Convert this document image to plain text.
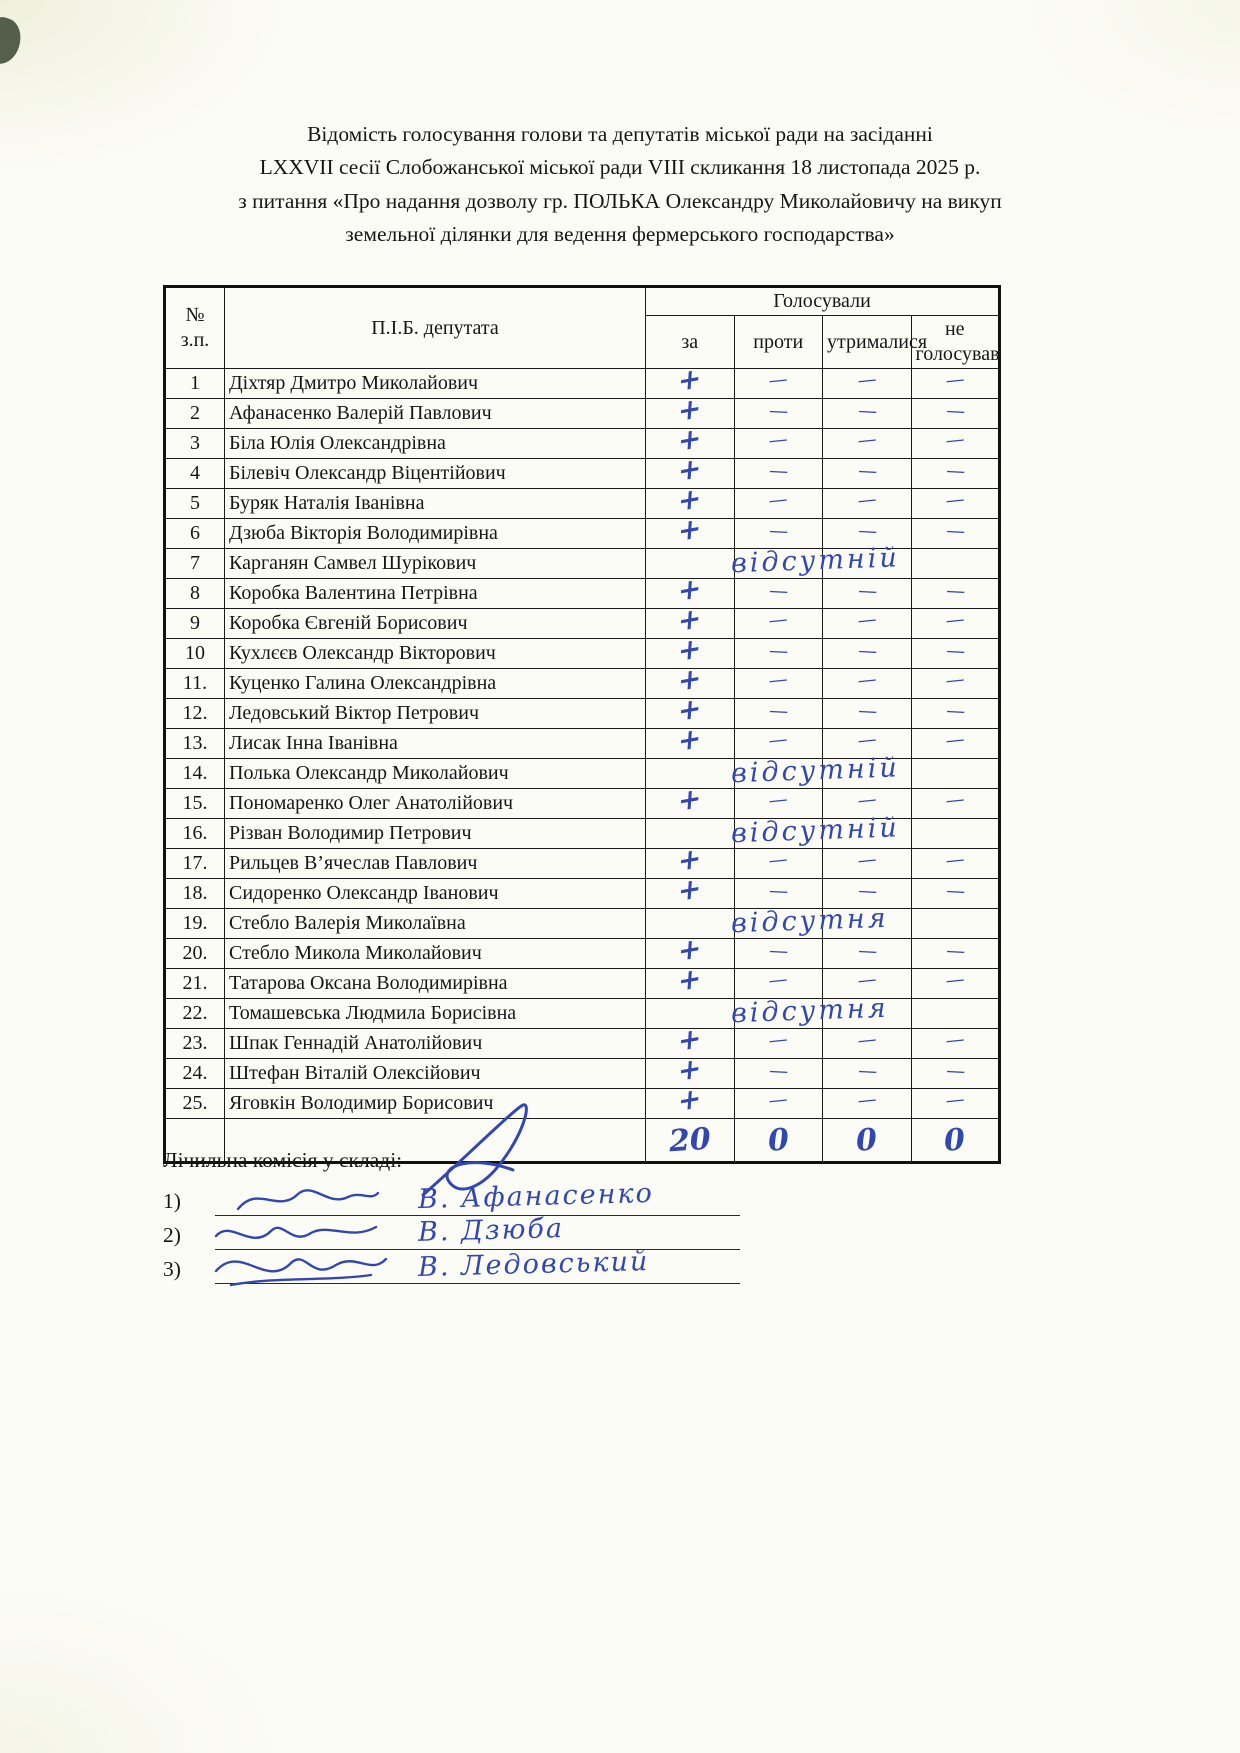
Відомість голосування голови та депутатів міської ради на засіданні
LXXVII сесії Слобожанської міської ради VIII скликання 18 листопада 2025 р.
з питання «Про надання дозволу гр. ПОЛЬКА Олександру Миколайовичу на викуп
земельної ділянки для ведення фермерського господарства»
№ з.п.	П.І.Б. депутата	Голосували			
		за	проти	утрималися	не голосував
1	Діхтяр Дмитро Миколайович	+	—	—	—
2	Афанасенко Валерій Павлович	+	—	—	—
3	Біла Юлія Олександрівна	+	—	—	—
4	Білевіч Олександр Віцентійович	+	—	—	—
5	Буряк Наталія Іванівна	+	—	—	—
6	Дзюба Вікторія Володимирівна	+	—	—	—
7	Карганян Самвел Шурікович		відсутній		

8	Коробка Валентина Петрівна	+	—	—	—
9	Коробка Євгеній Борисович	+	—	—	—
10	Кухлєєв Олександр Вікторович	+	—	—	—
11.	Куценко Галина Олександрівна	+	—	—	—
12.	Ледовський Віктор Петрович	+	—	—	—
13.	Лисак Інна Іванівна	+	—	—	—
14.	Полька Олександр Миколайович		відсутній		

15.	Пономаренко Олег Анатолійович	+	—	—	—
16.	Різван Володимир Петрович		відсутній		

17.	Рильцев В’ячеслав Павлович	+	—	—	—
18.	Сидоренко Олександр Іванович	+	—	—	—
19.	Стебло Валерія Миколаївна		відсутня		

20.	Стебло Микола Миколайович	+	—	—	—
21.	Татарова Оксана Володимирівна	+	—	—	—
22.	Томашевська Людмила Борисівна		відсутня		

23.	Шпак Геннадій Анатолійович	+	—	—	—
24.	Штефан Віталій Олексійович	+	—	—	—
25.	Яговкін Володимир Борисович	+	—	—	—
		20	0	0	0
Лічильна комісія у складі:
1)	В. Афанасенко
2)	В. Дзюба
3)	В. Ледовський
